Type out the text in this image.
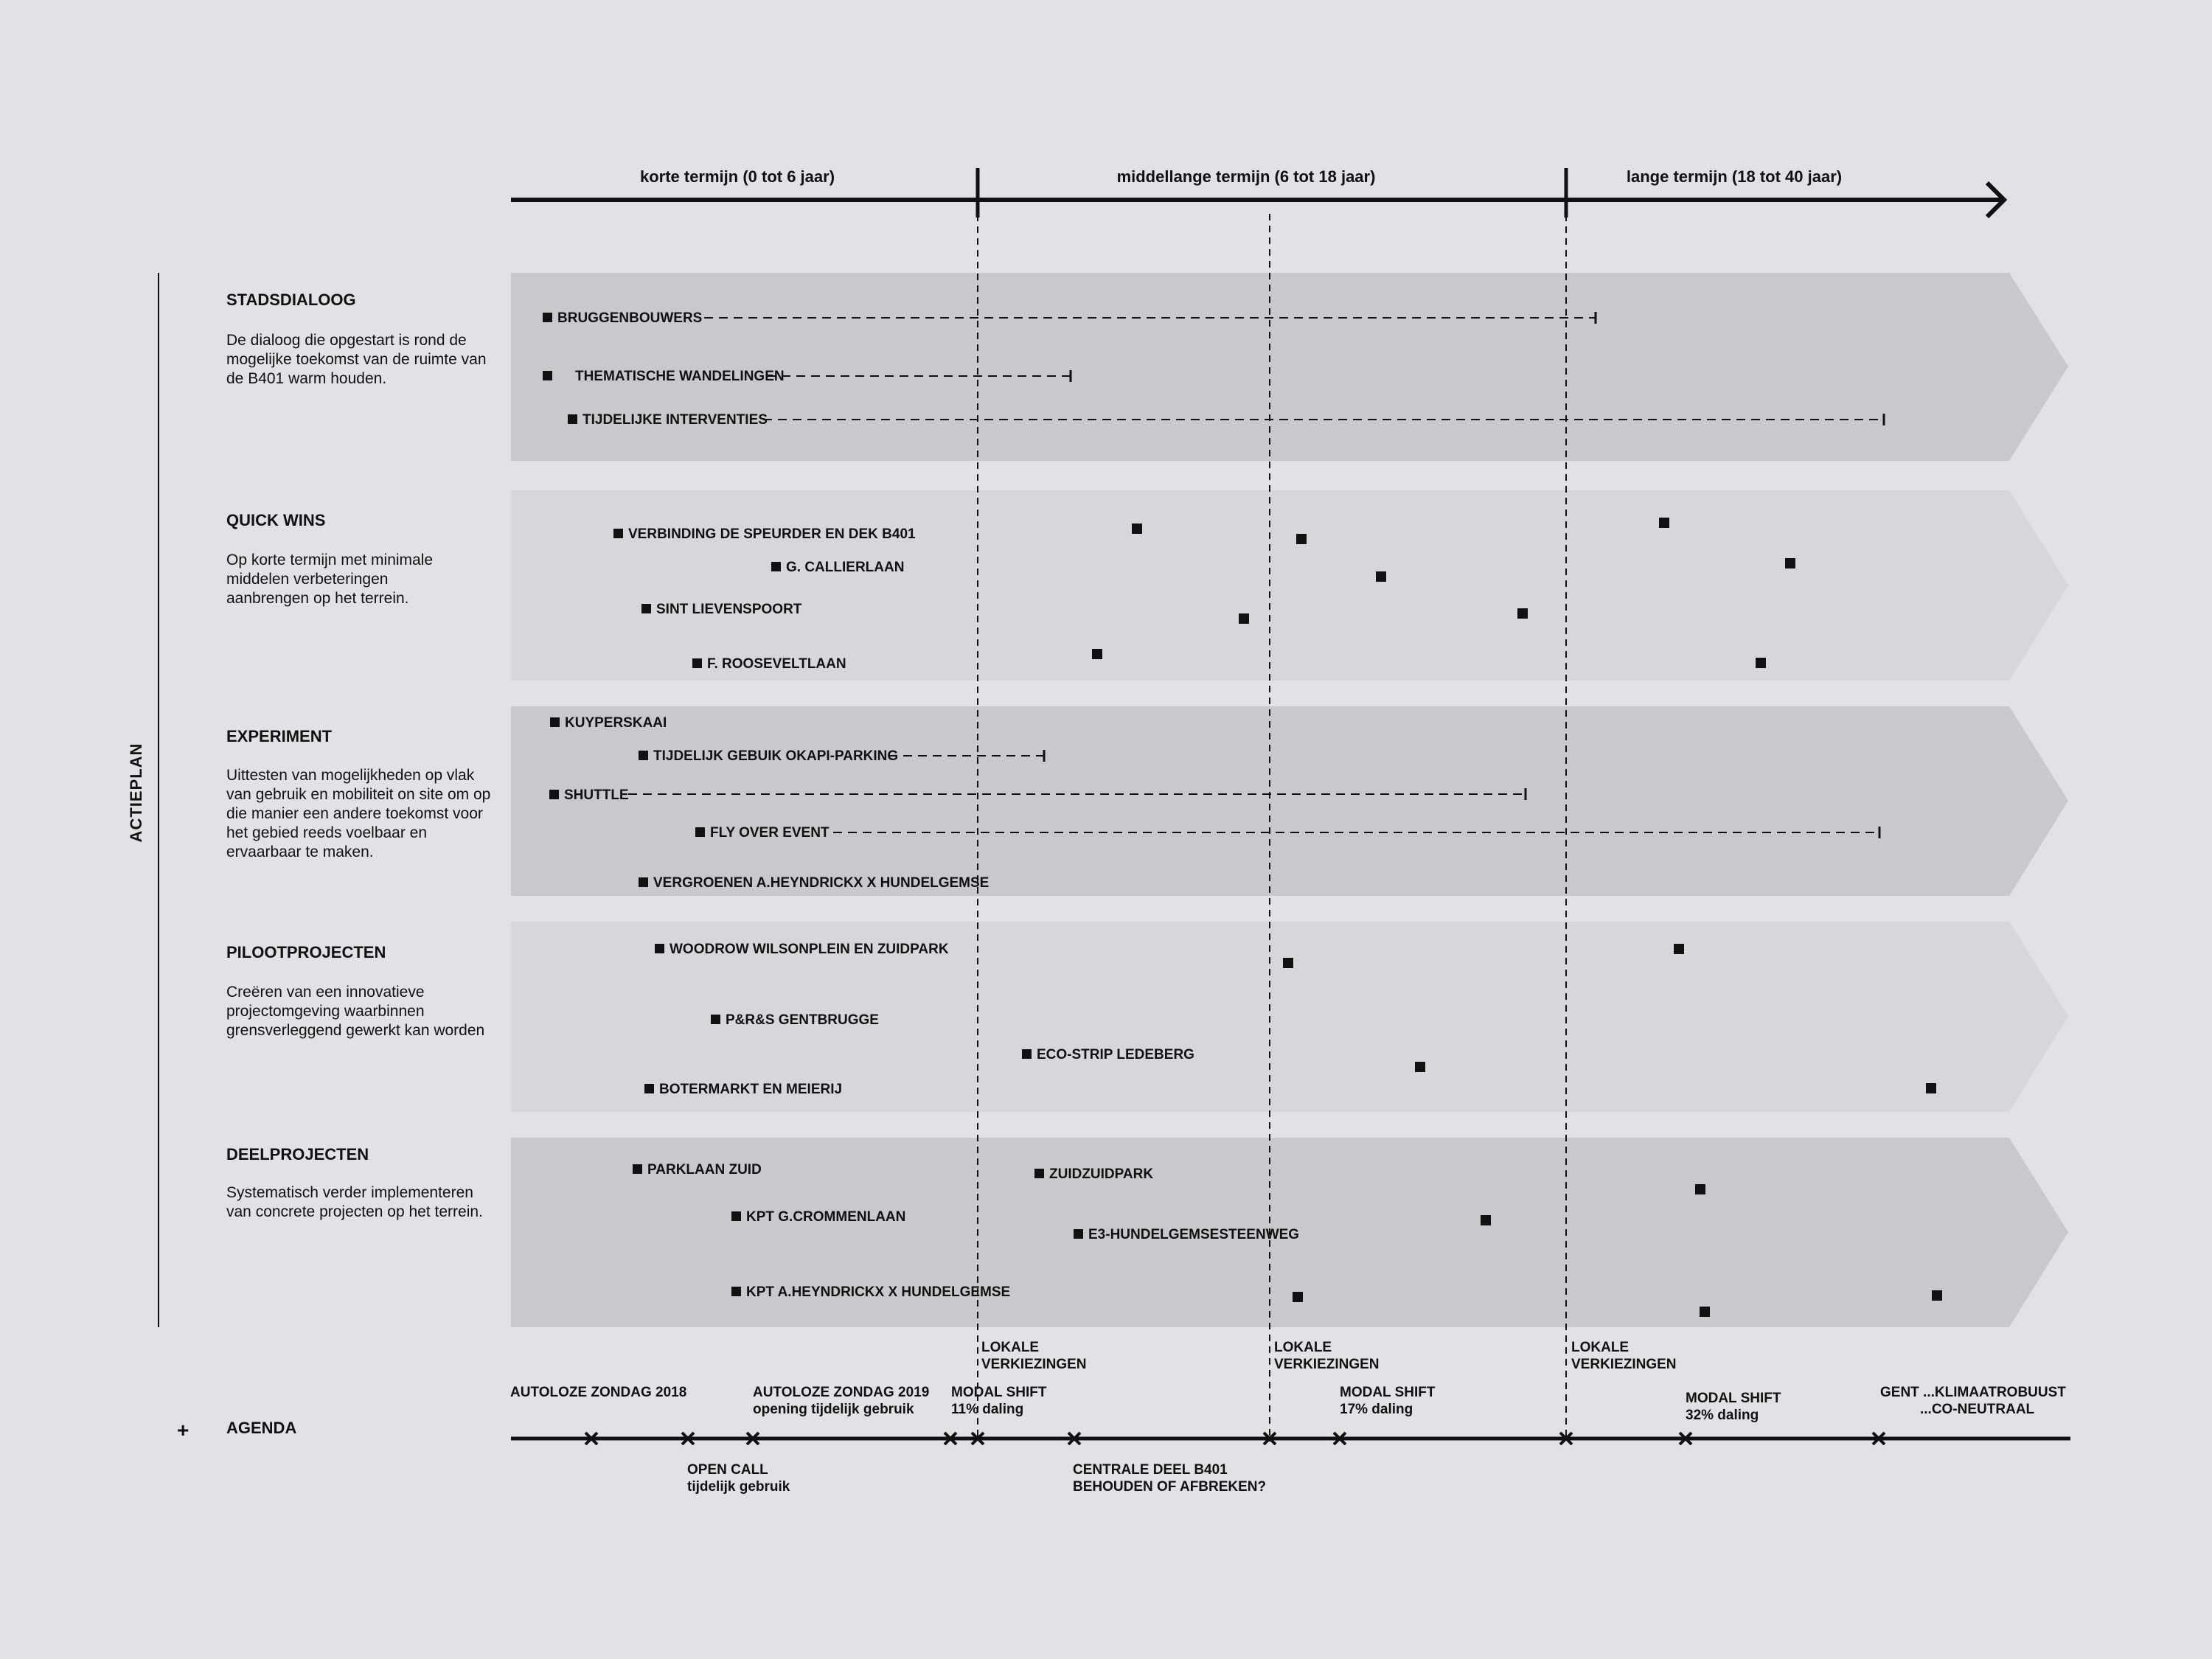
ACTIEPLAN
korte termijn (0 tot 6 jaar)	middellange termijn (6 tot 18 jaar)	lange termijn (18 tot 40 jaar)
STADSDIALOOG
De dialoog die opgestart is rond de mogelijke toekomst van de ruimte van de B401 warm houden.
QUICK WINS
Op korte termijn met minimale middelen verbeteringen aanbrengen op het terrein.
EXPERIMENT
Uittesten van mogelijkheden op vlak van gebruik en mobiliteit on site om op die manier een andere toekomst voor het gebied reeds voelbaar en ervaarbaar te maken.
PILOOTPROJECTEN
Creëren van een innovatieve projectomgeving waarbinnen grensverleggend gewerkt kan worden
DEELPROJECTEN
Systematisch verder implementeren van concrete projecten op het terrein.
BRUGGENBOUWERS
THEMATISCHE WANDELINGEN
TIJDELIJKE INTERVENTIES
VERBINDING DE SPEURDER EN DEK B401
G. CALLIERLAAN
SINT LIEVENSPOORT
F. ROOSEVELTLAAN
KUYPERSKAAI
TIJDELIJK GEBUIK OKAPI-PARKING
SHUTTLE
FLY OVER EVENT
VERGROENEN A.HEYNDRICKX X HUNDELGEMSE
WOODROW WILSONPLEIN EN ZUIDPARK
P&R&S GENTBRUGGE
ECO-STRIP LEDEBERG
BOTERMARKT EN MEIERIJ
PARKLAAN ZUID	ZUIDZUIDPARK
KPT G.CROMMENLAAN
E3-HUNDELGEMSESTEENWEG
KPT A.HEYNDRICKX X HUNDELGEMSE
+ AGENDA
AUTOLOZE ZONDAG 2018	AUTOLOZE ZONDAG 2019 opening tijdelijk gebruik
MODAL SHIFT 11% daling
LOKALE VERKIEZINGEN
LOKALE VERKIEZINGEN
MODAL SHIFT 17% daling
LOKALE VERKIEZINGEN
MODAL SHIFT 32% daling
GENT ...KLIMAATROBUUST ...CO-NEUTRAAL
OPEN CALL tijdelijk gebruik
CENTRALE DEEL B401 BEHOUDEN OF AFBREKEN?
